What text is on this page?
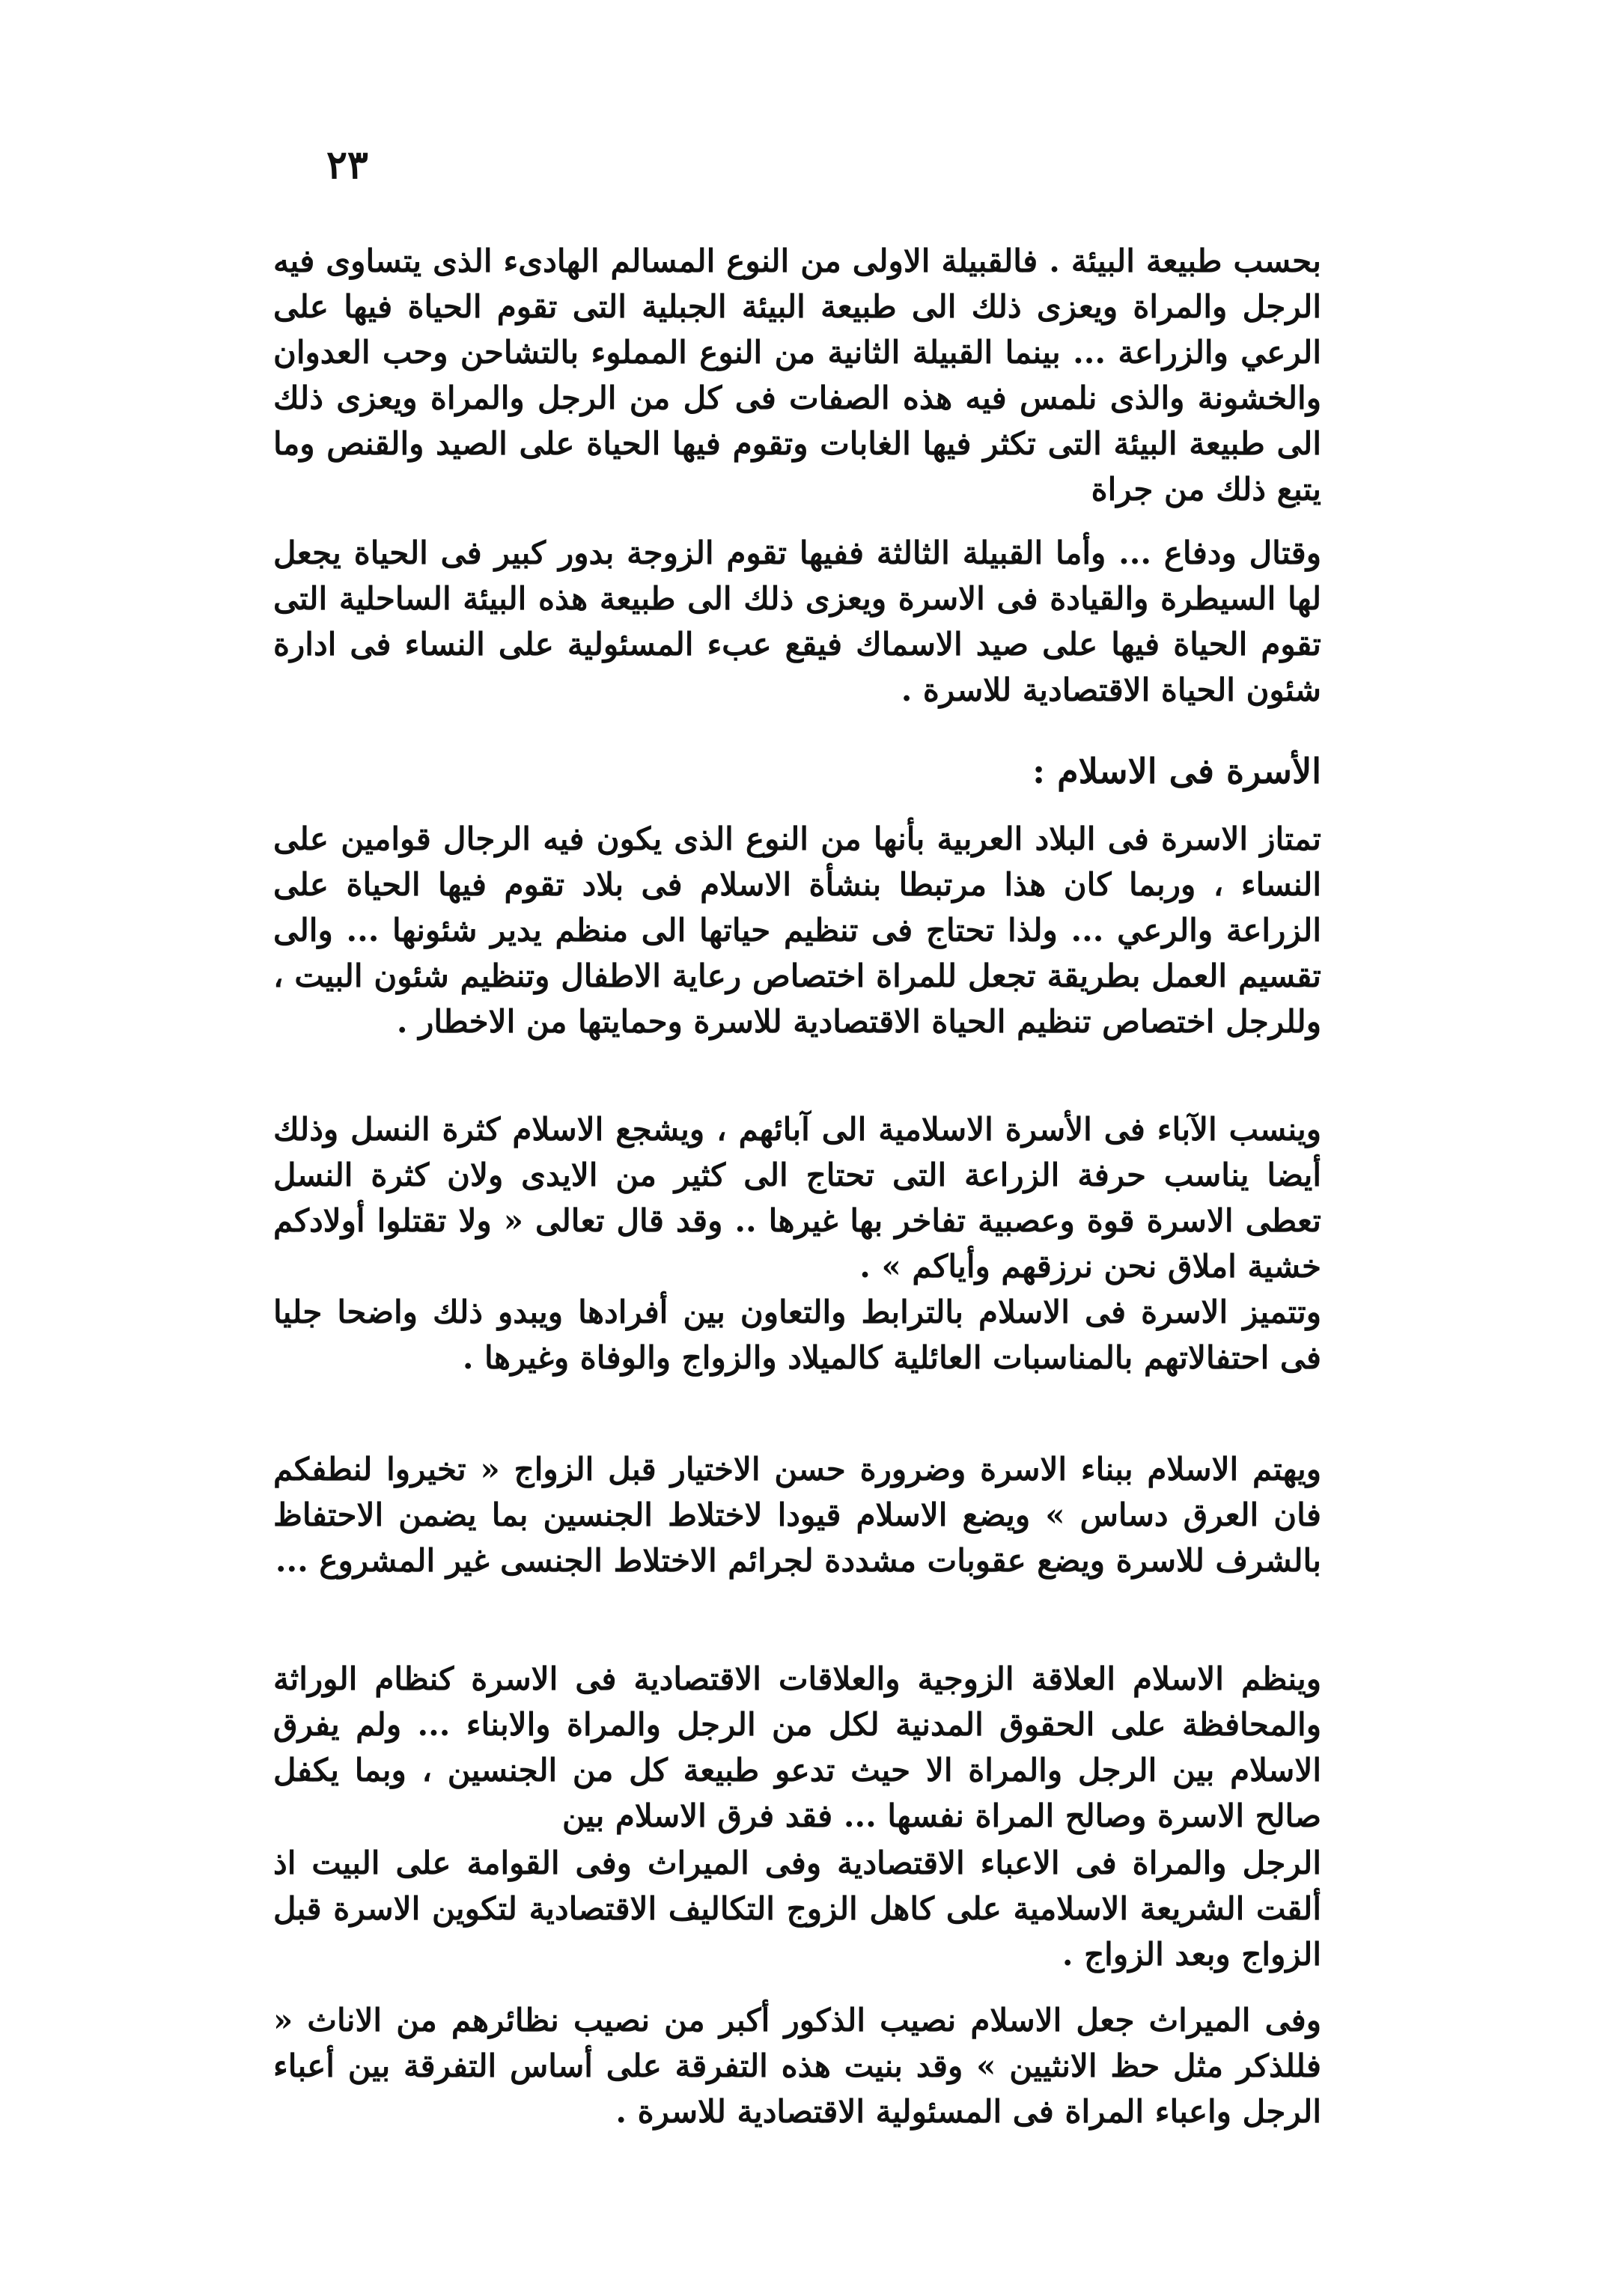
٢٣

بحسب طبيعة البيئة . فالقبيلة الاولى من النوع المسالم الهادىء الذى يتساوى فيه الرجل والمراة ويعزى ذلك الى طبيعة البيئة الجبلية التى تقوم الحياة فيها على الرعي والزراعة ... بينما القبيلة الثانية من النوع المملوء بالتشاحن وحب العدوان والخشونة والذى نلمس فيه هذه الصفات فى كل من الرجل والمراة ويعزى ذلك الى طبيعة البيئة التى تكثر فيها الغابات وتقوم فيها الحياة على الصيد والقنص وما يتبع ذلك من جراة

وقتال ودفاع ... وأما القبيلة الثالثة ففيها تقوم الزوجة بدور كبير فى الحياة يجعل لها السيطرة والقيادة فى الاسرة ويعزى ذلك الى طبيعة هذه البيئة الساحلية التى تقوم الحياة فيها على صيد الاسماك فيقع عبء المسئولية على النساء فى ادارة شئون الحياة الاقتصادية للاسرة .

الأسرة فى الاسلام :

تمتاز الاسرة فى البلاد العربية بأنها من النوع الذى يكون فيه الرجال قوامين على النساء ، وربما كان هذا مرتبطا بنشأة الاسلام فى بلاد تقوم فيها الحياة على الزراعة والرعي ... ولذا تحتاج فى تنظيم حياتها الى منظم يدير شئونها ... والى تقسيم العمل بطريقة تجعل للمراة اختصاص رعاية الاطفال وتنظيم شئون البيت ، وللرجل اختصاص تنظيم الحياة الاقتصادية للاسرة وحمايتها من الاخطار .

وينسب الآباء فى الأسرة الاسلامية الى آبائهم ، ويشجع الاسلام كثرة النسل وذلك أيضا يناسب حرفة الزراعة التى تحتاج الى كثير من الايدى ولان كثرة النسل تعطى الاسرة قوة وعصبية تفاخر بها غيرها .. وقد قال تعالى « ولا تقتلوا أولادكم خشية املاق نحن نرزقهم وأياكم » .

وتتميز الاسرة فى الاسلام بالترابط والتعاون بين أفرادها ويبدو ذلك واضحا جليا فى احتفالاتهم بالمناسبات العائلية كالميلاد والزواج والوفاة وغيرها .

ويهتم الاسلام ببناء الاسرة وضرورة حسن الاختيار قبل الزواج « تخيروا لنطفكم فان العرق دساس » ويضع الاسلام قيودا لاختلاط الجنسين بما يضمن الاحتفاظ بالشرف للاسرة ويضع عقوبات مشددة لجرائم الاختلاط الجنسى غير المشروع ...

وينظم الاسلام العلاقة الزوجية والعلاقات الاقتصادية فى الاسرة كنظام الوراثة والمحافظة على الحقوق المدنية لكل من الرجل والمراة والابناء ... ولم يفرق الاسلام بين الرجل والمراة الا حيث تدعو طبيعة كل من الجنسين ، وبما يكفل صالح الاسرة وصالح المراة نفسها ... فقد فرق الاسلام بين

الرجل والمراة فى الاعباء الاقتصادية وفى الميراث وفى القوامة على البيت اذ ألقت الشريعة الاسلامية على كاهل الزوج التكاليف الاقتصادية لتكوين الاسرة قبل الزواج وبعد الزواج .

وفى الميراث جعل الاسلام نصيب الذكور أكبر من نصيب نظائرهم من الاناث « فللذكر مثل حظ الانثيين » وقد بنيت هذه التفرقة على أساس التفرقة بين أعباء الرجل واعباء المراة فى المسئولية الاقتصادية للاسرة .
